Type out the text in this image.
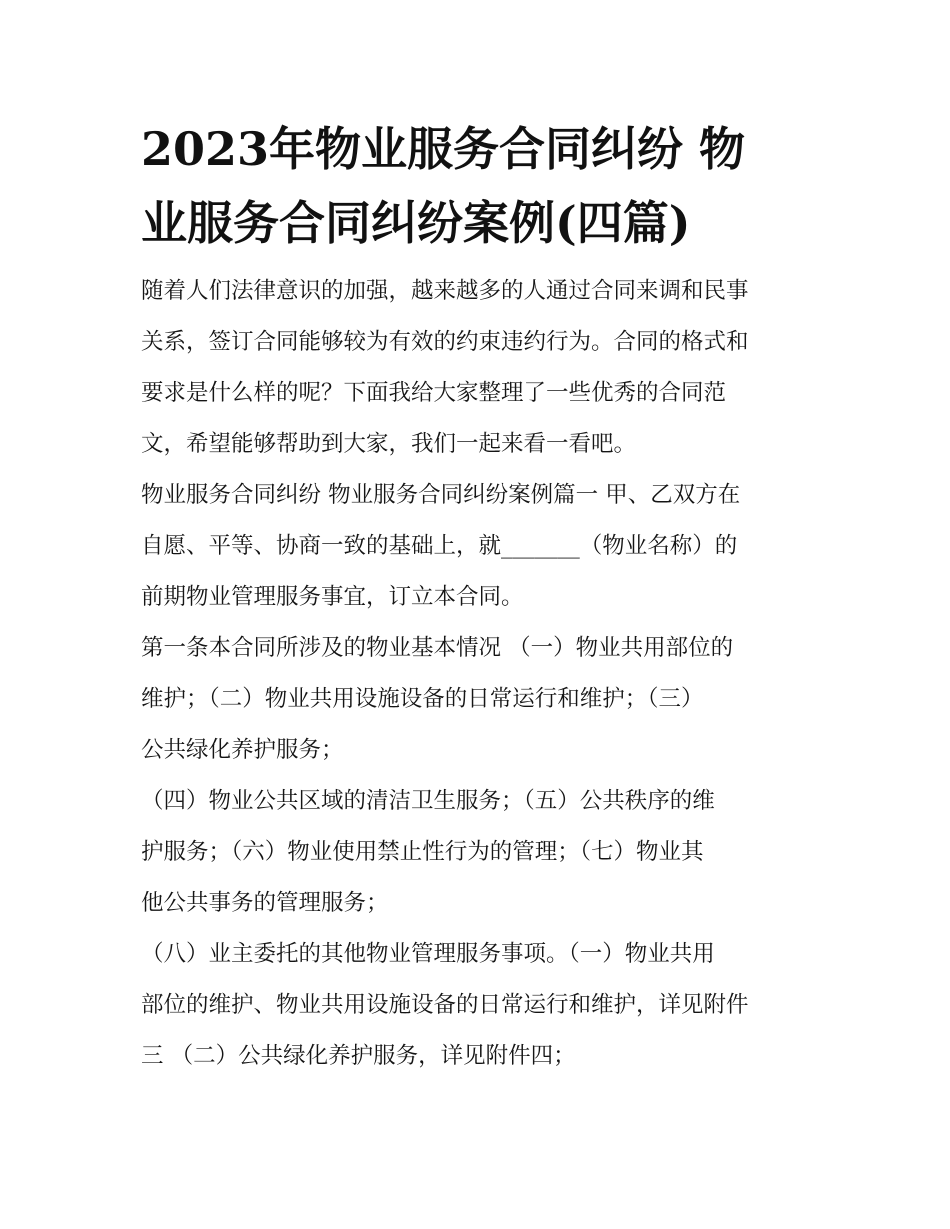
2023年物业服务合同纠纷 物
业服务合同纠纷案例(四篇)

随着人们法律意识的加强，越来越多的人通过合同来调和民事
关系，签订合同能够较为有效的约束违约行为。合同的格式和
要求是什么样的呢？下面我给大家整理了一些优秀的合同范
文，希望能够帮助到大家，我们一起来看一看吧。

物业服务合同纠纷 物业服务合同纠纷案例篇一 甲、乙双方在
自愿、平等、协商一致的基础上，就_______（物业名称）的
前期物业管理服务事宜，订立本合同。

第一条本合同所涉及的物业基本情况 （一）物业共用部位的
维护；（二）物业共用设施设备的日常运行和维护；（三）
公共绿化养护服务；

（四）物业公共区域的清洁卫生服务；（五）公共秩序的维
护服务；（六）物业使用禁止性行为的管理；（七）物业其
他公共事务的管理服务；

（八）业主委托的其他物业管理服务事项。（一）物业共用
部位的维护、物业共用设施设备的日常运行和维护，详见附件
三 （二）公共绿化养护服务，详见附件四；
